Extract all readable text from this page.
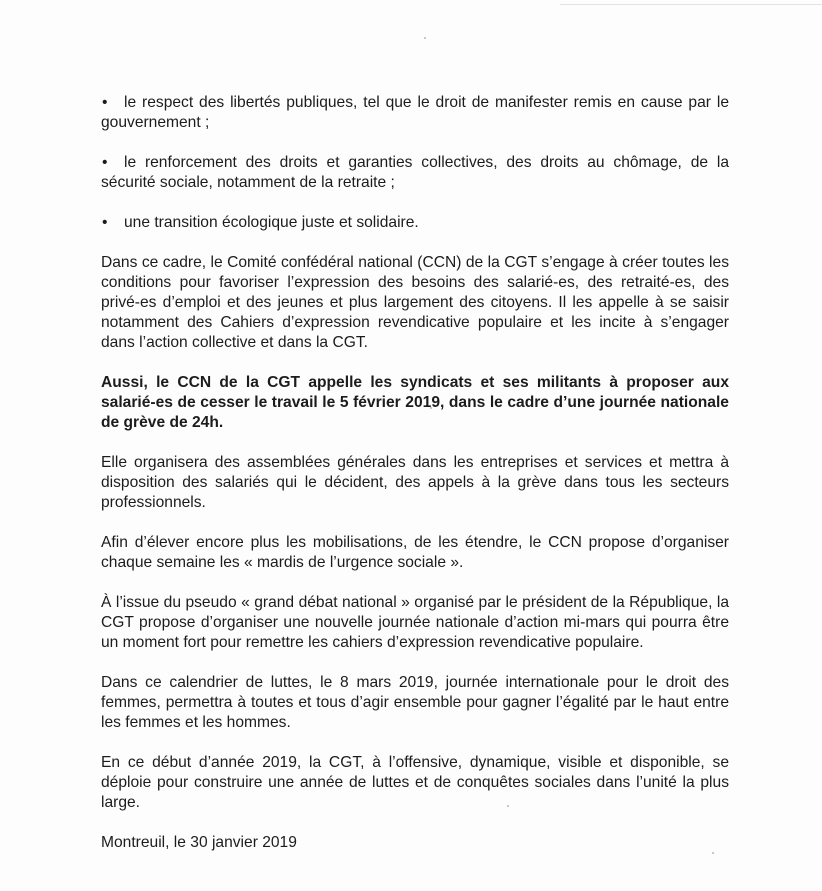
• le respect des libertés publiques, tel que le droit de manifester remis en cause par le gouvernement ;
• le renforcement des droits et garanties collectives, des droits au chômage, de la sécurité sociale, notamment de la retraite ;
• une transition écologique juste et solidaire.

Dans ce cadre, le Comité confédéral national (CCN) de la CGT s’engage à créer toutes les conditions pour favoriser l’expression des besoins des salarié-es, des retraité-es, des privé-es d’emploi et des jeunes et plus largement des citoyens. Il les appelle à se saisir notamment des Cahiers d’expression revendicative populaire et les incite à s’engager dans l’action collective et dans la CGT.

Aussi, le CCN de la CGT appelle les syndicats et ses militants à proposer aux salarié-es de cesser le travail le 5 février 2019, dans le cadre d’une journée nationale de grève de 24h.

Elle organisera des assemblées générales dans les entreprises et services et mettra à disposition des salariés qui le décident, des appels à la grève dans tous les secteurs professionnels.

Afin d’élever encore plus les mobilisations, de les étendre, le CCN propose d’organiser chaque semaine les « mardis de l’urgence sociale ».

À l’issue du pseudo « grand débat national » organisé par le président de la République, la CGT propose d’organiser une nouvelle journée nationale d’action mi-mars qui pourra être un moment fort pour remettre les cahiers d’expression revendicative populaire.

Dans ce calendrier de luttes, le 8 mars 2019, journée internationale pour le droit des femmes, permettra à toutes et tous d’agir ensemble pour gagner l’égalité par le haut entre les femmes et les hommes.

En ce début d’année 2019, la CGT, à l’offensive, dynamique, visible et disponible, se déploie pour construire une année de luttes et de conquêtes sociales dans l’unité la plus large.

Montreuil, le 30 janvier 2019
